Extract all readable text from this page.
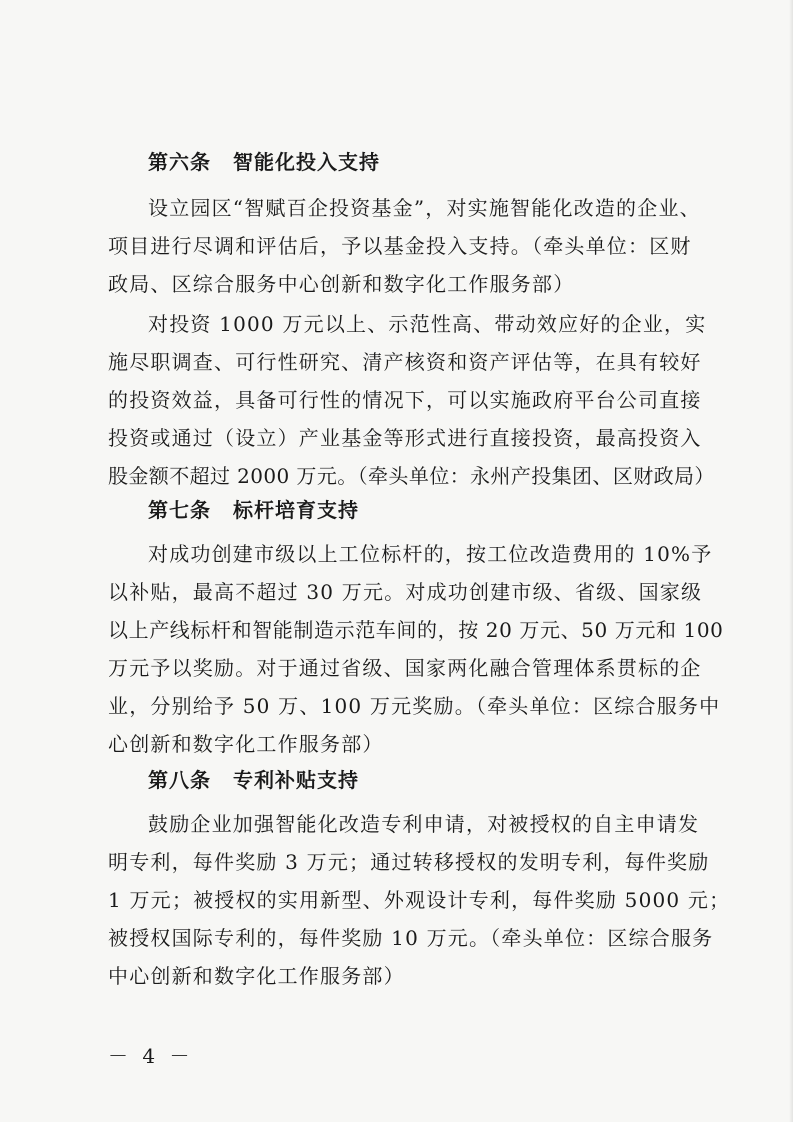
第六条 智能化投入支持
设立园区“智赋百企投资基金”，对实施智能化改造的企业、
项目进行尽调和评估后，予以基金投入支持。（牵头单位：区财
政局、区综合服务中心创新和数字化工作服务部）
对投资 1000 万元以上、示范性高、带动效应好的企业，实
施尽职调查、可行性研究、清产核资和资产评估等，在具有较好
的投资效益，具备可行性的情况下，可以实施政府平台公司直接
投资或通过（设立）产业基金等形式进行直接投资，最高投资入
股金额不超过 2000 万元。（牵头单位：永州产投集团、区财政局）
第七条 标杆培育支持
对成功创建市级以上工位标杆的，按工位改造费用的 10%予
以补贴，最高不超过 30 万元。对成功创建市级、省级、国家级
以上产线标杆和智能制造示范车间的，按 20 万元、50 万元和 100
万元予以奖励。对于通过省级、国家两化融合管理体系贯标的企
业，分别给予 50 万、100 万元奖励。（牵头单位：区综合服务中
心创新和数字化工作服务部）
第八条 专利补贴支持
鼓励企业加强智能化改造专利申请，对被授权的自主申请发
明专利，每件奖励 3 万元；通过转移授权的发明专利，每件奖励
1 万元；被授权的实用新型、外观设计专利，每件奖励 5000 元；
被授权国际专利的，每件奖励 10 万元。（牵头单位：区综合服务
中心创新和数字化工作服务部）
－ 4 －
